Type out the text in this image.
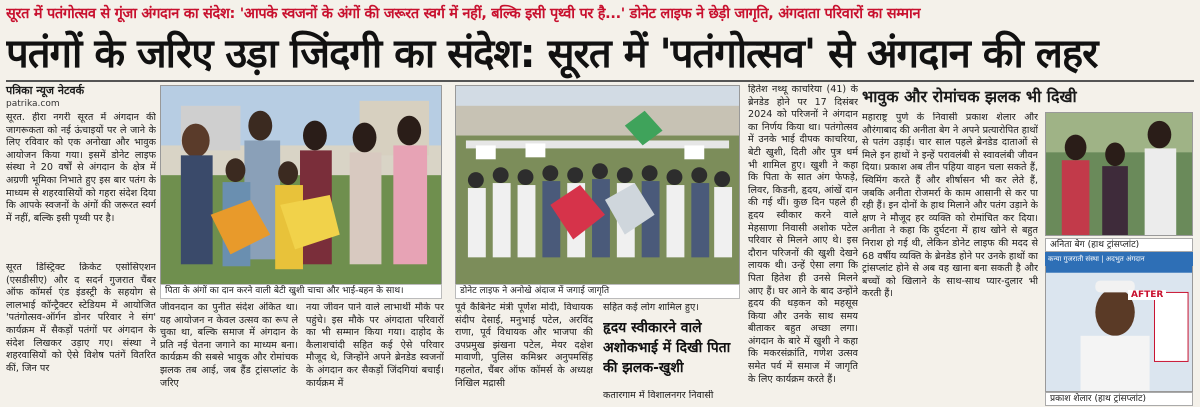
सूरत में पतंगोत्सव से गूंजा अंगदान का संदेश: 'आपके स्वजनों के अंगों की जरूरत स्वर्ग में नहीं, बल्कि इसी पृथ्वी पर है...' डोनेट लाइफ ने छेड़ी जागृति, अंगदाता परिवारों का सम्मान
पतंगों के जरिए उड़ा जिंदगी का संदेश: सूरत में 'पतंगोत्सव' से अंगदान की लहर
पत्रिका न्यूज नेटवर्क
patrika.com

सूरत. हीरा नगरी सूरत में अंगदान की जागरूकता को नई ऊंचाइयों पर ले जाने के लिए रविवार को एक अनोखा और भावुक आयोजन किया गया। इसमें डोनेट लाइफ संस्था ने 20 वर्षों से अंगदान के क्षेत्र में अग्रणी भूमिका निभाते हुए इस बार पतंग के माध्यम से शहरवासियों को गहरा संदेश दिया कि आपके स्वजनों के अंगों की जरूरत स्वर्ग में नहीं, बल्कि इसी पृथ्वी पर है।

सूरत डिस्ट्रिक्ट क्रिकेट एसोसिएशन (एसडीसीए) और द सदर्न गुजरात चैंबर ऑफ कॉमर्स एंड इंडस्ट्री के सहयोग से लालभाई कॉन्ट्रैक्टर स्टेडियम में आयोजित 'पतंगोत्सव-ऑर्गन डोनर परिवार ने संग' कार्यक्रम में सैकड़ों पतंगों पर अंगदान के संदेश लिखकर उड़ाए गए। संस्था ने शहरवासियों को ऐसे विशेष पतंगें वितरित कीं, जिन पर

पिता के अंगों का दान करने वाली बेटी खुशी चाचा और भाई-बहन के साथ।	डोनेट लाइफ ने अनोखे अंदाज में जगाई जागृति

जीवनदान का पुनीत संदेश अंकित था। यह आयोजन न केवल उत्सव का रूप ले चुका था, बल्कि समाज में अंगदान के प्रति नई चेतना जगाने का माध्यम बना। कार्यक्रम की सबसे भावुक और रोमांचक झलक तब आई, जब हैंड ट्रांसप्लांट के जरिए

नया जीवन पाने वाले लाभार्थी मौके पर पहुंचे। इस मौके पर अंगदाता परिवारों का भी सम्मान किया गया। दाहोद के कैलाशचांदी सहित कई ऐसे परिवार मौजूद थे, जिन्होंने अपने ब्रेनडेड स्वजनों के अंगदान कर सैकड़ों जिंदगियां बचाईं। कार्यक्रम में

पूर्व कैबिनेट मंत्री पूर्णेश मोदी, विधायक संदीप देसाई, मनुभाई पटेल, अरविंद राणा, पूर्व विधायक और भाजपा की उपप्रमुख झंखना पटेल, मेयर दक्षेश मावाणी, पुलिस कमिश्नर अनुपमसिंह गहलोत, चैंबर ऑफ कॉमर्स के अध्यक्ष निखिल मद्रासी

सहित कई लोग शामिल हुए।

हृदय स्वीकारने वाले अशोकभाई में दिखी पिता की झलक-खुशी

कतारगाम में विशालनगर निवासी

हितेश नथ्थू काचरिया (41) के ब्रेनडेड होने पर 17 दिसंबर 2024 को परिजनों ने अंगदान का निर्णय किया था। पतंगोत्सव में उनके भाई दीपक काचरिया, बेटी खुशी, दिती और पुत्र धर्म भी शामिल हुए। खुशी ने कहा कि पिता के सात अंग फेफड़े, लिवर, किडनी, हृदय, आंखें दान की गई थीं। कुछ दिन पहले ही हृदय स्वीकार करने वाले मेहसाणा निवासी अशोक पटेल परिवार से मिलने आए थे। इस दौरान परिजनों की खुशी देखने लायक थी। उन्हें ऐसा लगा कि पिता हितेश ही उनसे मिलने आए हैं। घर आने के बाद उन्होंने हृदय की धड़कन को महसूस किया और उनके साथ समय बीताकर बहुत अच्छा लगा। अंगदान के बारे में खुशी ने कहा कि मकरसंक्रांति, गणेश उत्सव समेत पर्व में समाज में जागृति के लिए कार्यक्रम करते हैं।

भावुक और रोमांचक झलक भी दिखी

महाराष्ट्र पुणे के निवासी प्रकाश शेलार और औरंगाबाद की अनीता बेग ने अपने प्रत्यारोपित हाथों से पतंग उड़ाई। चार साल पहले ब्रेनडेड दाताओं से मिले इन हाथों ने इन्हें परावलंबी से स्वावलंबी जीवन दिया। प्रकाश अब तीन पहिया वाहन चला सकते हैं, स्विमिंग करते हैं और शीर्षासन भी कर लेते हैं, जबकि अनीता रोजमर्रा के काम आसानी से कर पा रही हैं। इन दोनों के हाथ मिलाने और पतंग उड़ाने के क्षण ने मौजूद हर व्यक्ति को रोमांचित कर दिया। अनीता ने कहा कि दुर्घटना में हाथ खोने से बहुत निराश हो गई थी, लेकिन डोनेट लाइफ की मदद से 68 वर्षीय व्यक्ति के ब्रेनडेड होने पर उनके हाथों का ट्रांसप्लांट होने से अब वह खाना बना सकती है और बच्चों को खिलाने के साथ-साथ प्यार-दुलार भी करती हैं।

अनिता बेग (हाथ ट्रांसप्लांट)
कन्या गुजराती संस्था | अदभुत अंगदान
AFTER
प्रकाश शेलार (हाथ ट्रांसप्लांट)
